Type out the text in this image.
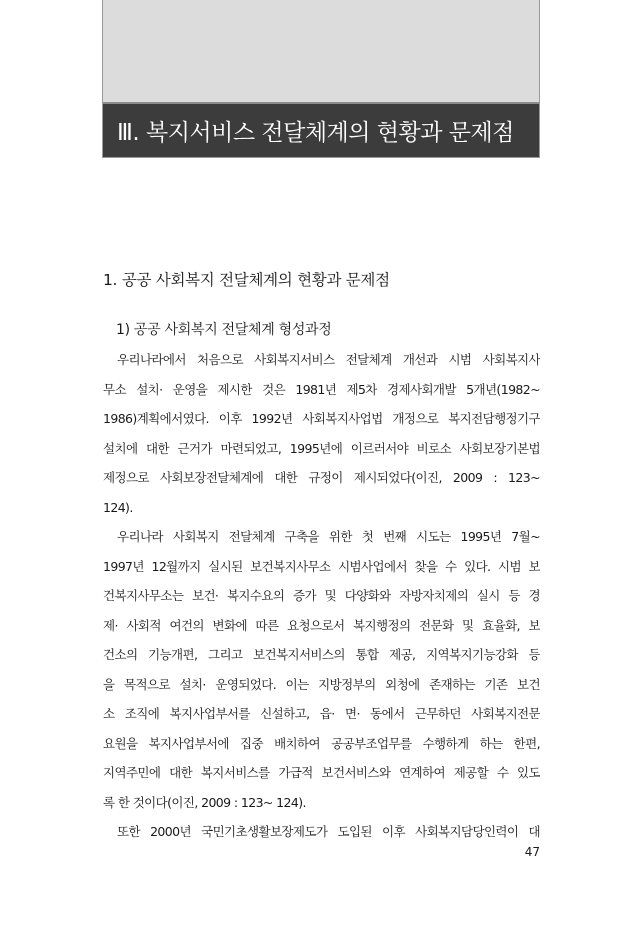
Ⅲ. 복지서비스 전달체계의 현황과 문제점
1. 공공 사회복지 전달체계의 현황과 문제점
1) 공공 사회복지 전달체계 형성과정
우리나라에서 처음으로 사회복지서비스 전달체계 개선과 시범 사회복지사
무소 설치· 운영을 제시한 것은 1981년 제5차 경제사회개발 5개년(1982~
1986)계획에서였다. 이후 1992년 사회복지사업법 개정으로 복지전담행정기구
설치에 대한 근거가 마련되었고, 1995년에 이르러서야 비로소 사회보장기본법
제정으로 사회보장전달체계에 대한 규정이 제시되었다(이진, 2009 : 123~
124).
우리나라 사회복지 전달체계 구축을 위한 첫 번째 시도는 1995년 7월~
1997년 12월까지 실시된 보건복지사무소 시범사업에서 찾을 수 있다. 시범 보
건복지사무소는 보건· 복지수요의 증가 및 다양화와 자방자치제의 실시 등 경
제· 사회적 여건의 변화에 따른 요청으로서 복지행정의 전문화 및 효율화, 보
건소의 기능개편, 그리고 보건복지서비스의 통합 제공, 지역복지기능강화 등
을 목적으로 설치· 운영되었다. 이는 지방정부의 외청에 존재하는 기존 보건
소 조직에 복지사업부서를 신설하고, 읍· 면· 동에서 근무하던 사회복지전문
요원을 복지사업부서에 집중 배치하여 공공부조업무를 수행하게 하는 한편,
지역주민에 대한 복지서비스를 가급적 보건서비스와 연계하여 제공할 수 있도
록 한 것이다(이진, 2009 : 123~ 124).
또한 2000년 국민기초생활보장제도가 도입된 이후 사회복지담당인력이 대
47
